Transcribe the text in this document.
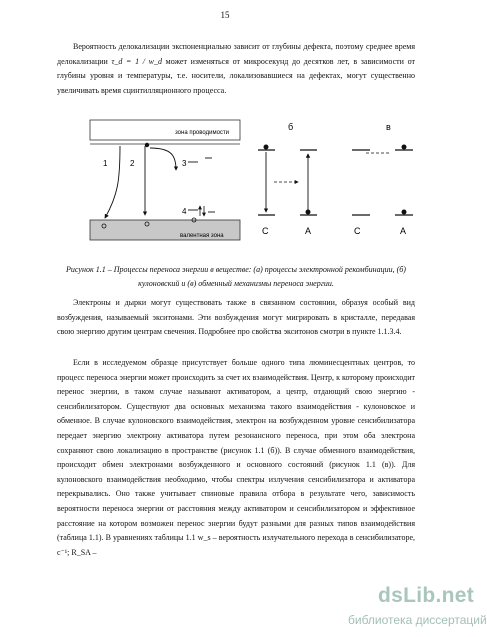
15

Вероятность делокализации экспоненциально зависит от глубины дефекта, поэтому среднее время делокализации τ_d = 1 / w_d может изменяться от микросекунд до десятков лет, в зависимости от глубины уровня и температуры, т.е. носители, локализовавшиеся на дефектах, могут существенно увеличивать время сцинтилляционного процесса.

зона проводимости
валентная зона
1	2	3
4
б
С	А
в
С	А

Рисунок 1.1 – Процессы переноса энергии в веществе: (а) процессы электронной рекомбинации, (б) кулоновский и (в) обменный механизмы переноса энергии.

Электроны и дырки могут существовать также в связанном состоянии, образуя особый вид возбуждения, называемый экситонами. Эти возбуждения могут мигрировать в кристалле, передавая свою энергию другим центрам свечения. Подробнее про свойства экситонов смотри в пункте 1.1.3.4.

Если в исследуемом образце присутствует больше одного типа люминесцентных центров, то процесс переноса энергии может происходить за счет их взаимодействия. Центр, к которому происходит перенос энергии, в таком случае называют активатором, а центр, отдающий свою энергию - сенсибилизатором. Существуют два основных механизма такого взаимодействия - кулоновское и обменное. В случае кулоновского взаимодействия, электрон на возбужденном уровне сенсибилизатора передает энергию электрону активатора путем резонансного переноса, при этом оба электрона сохраняют свою локализацию в пространстве (рисунок 1.1 (б)). В случае обменного взаимодействия, происходит обмен электронами возбужденного и основного состояний (рисунок 1.1 (в)). Для кулоновского взаимодействия необходимо, чтобы спектры излучения сенсибилизатора и активатора перекрывались. Оно также учитывает спиновые правила отбора в результате чего, зависимость вероятности переноса энергии от расстояния между активатором и сенсибилизатором и эффективное расстояние на котором возможен перенос энергии будут разными для разных типов взаимодействия (таблица 1.1). В уравнениях таблицы 1.1 w_s – вероятность излучательного перехода в сенсибилизаторе, с⁻¹; R_SA –

dsLib.net
библиотека диссертаций
